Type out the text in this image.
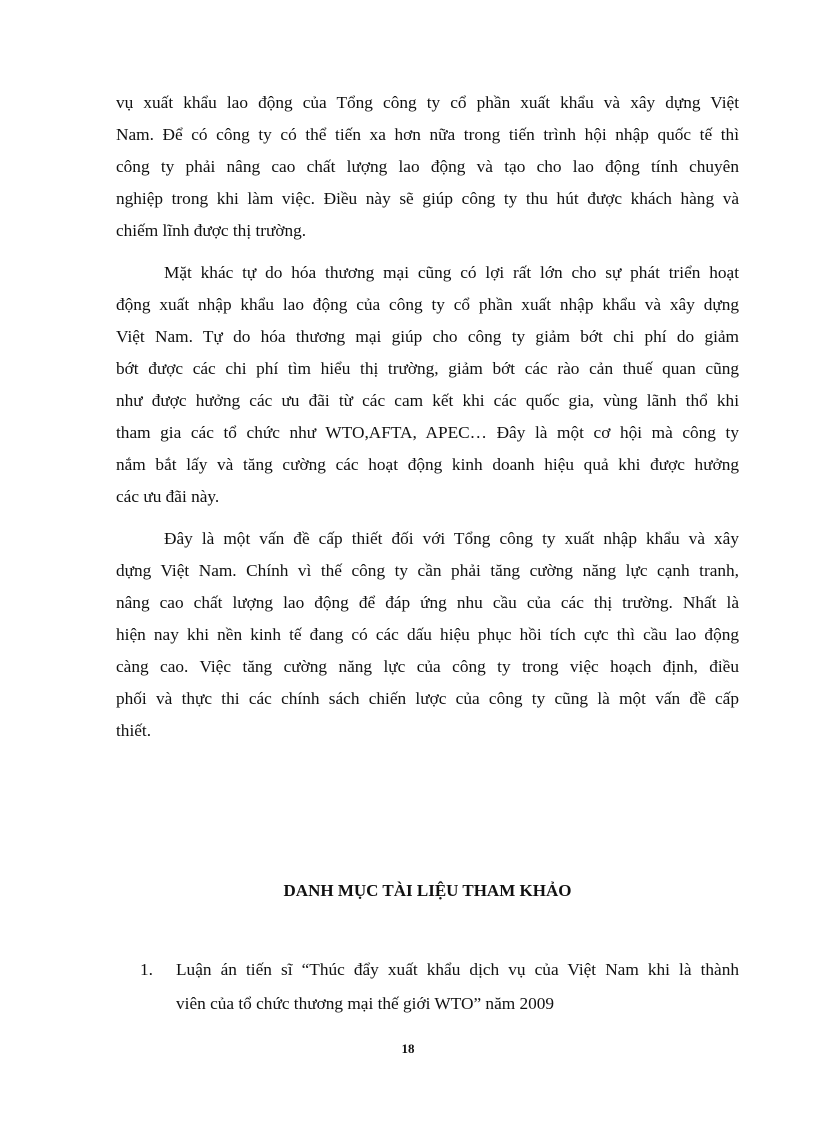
vụ xuất khẩu lao động của Tổng công ty cổ phần xuất khẩu và xây dựng Việt

Nam. Để có công ty có thể tiến xa hơn nữa trong tiến trình hội nhập quốc tế thì

công ty phải nâng cao chất lượng lao động và tạo cho lao động tính chuyên

nghiệp trong khi làm việc. Điều này sẽ giúp công ty thu hút được khách hàng và

chiếm lĩnh được thị trường.

Mặt khác tự do hóa thương mại cũng có lợi rất lớn cho sự phát triển hoạt

động xuất nhập khẩu lao động của công ty cổ phần xuất nhập khẩu và xây dựng

Việt Nam. Tự do hóa thương mại giúp cho công ty giảm bớt chi phí do giảm

bớt được các chi phí tìm hiểu thị trường, giảm bớt các rào cản thuế quan cũng

như được hưởng các ưu đãi từ các cam kết khi các quốc gia, vùng lãnh thổ khi

tham gia các tổ chức như WTO,AFTA, APEC… Đây là một cơ hội mà công ty

nắm bắt lấy và tăng cường các hoạt động kinh doanh hiệu quả khi được hưởng

các ưu đãi này.

Đây là một vấn đề cấp thiết đối với Tổng công ty xuất nhập khẩu và xây

dựng Việt Nam. Chính vì thế công ty cần phải tăng cường năng lực cạnh tranh,

nâng cao chất lượng lao động để đáp ứng nhu cầu của các thị trường. Nhất là

hiện nay khi nền kinh tế đang có các dấu hiệu phục hồi tích cực thì cầu lao động

càng cao. Việc tăng cường năng lực của công ty trong việc hoạch định, điều

phối và thực thi các chính sách chiến lược của công ty cũng là một vấn đề cấp

thiết.

DANH MỤC TÀI LIỆU THAM KHẢO
1. Luận án tiến sĩ “Thúc đẩy xuất khẩu dịch vụ của Việt Nam khi là thành

viên của tổ chức thương mại thế giới WTO” năm 2009

18
